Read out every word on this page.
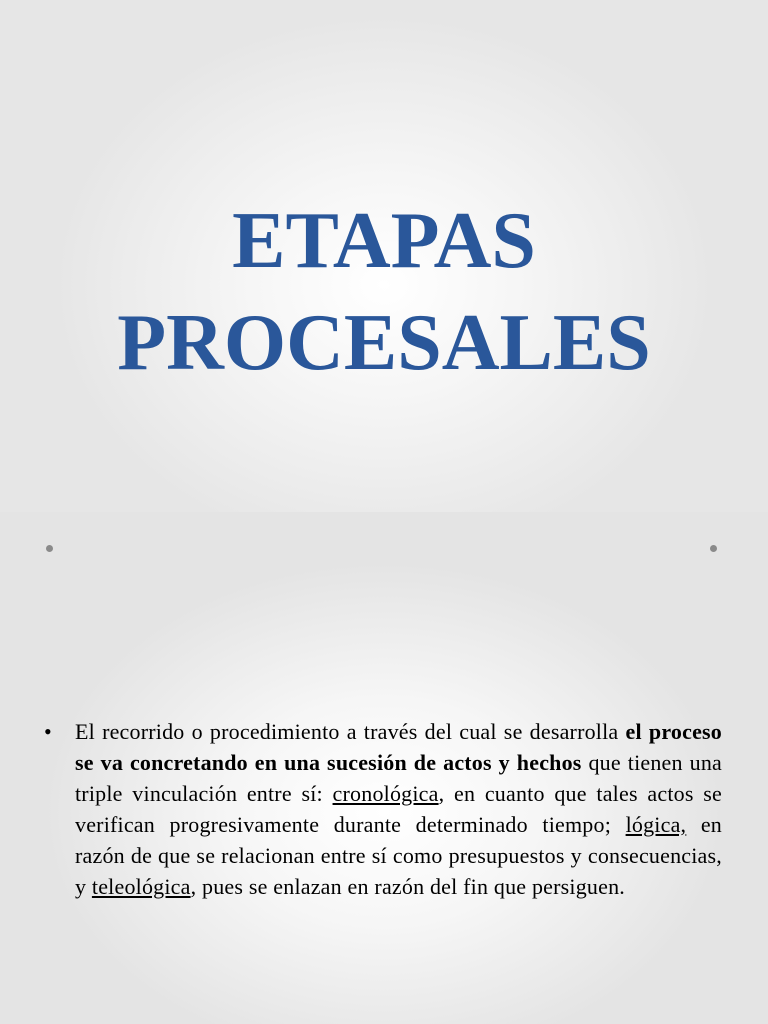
ETAPAS
PROCESALES
• El recorrido o procedimiento a través del cual se desarrolla el proceso se va concretando en una sucesión de actos y hechos que tienen una triple vinculación entre sí: cronológica, en cuanto que tales actos se verifican progresivamente durante determinado tiempo; lógica, en razón de que se relacionan entre sí como presupuestos y consecuencias, y teleológica, pues se enlazan en razón del fin que persiguen.
